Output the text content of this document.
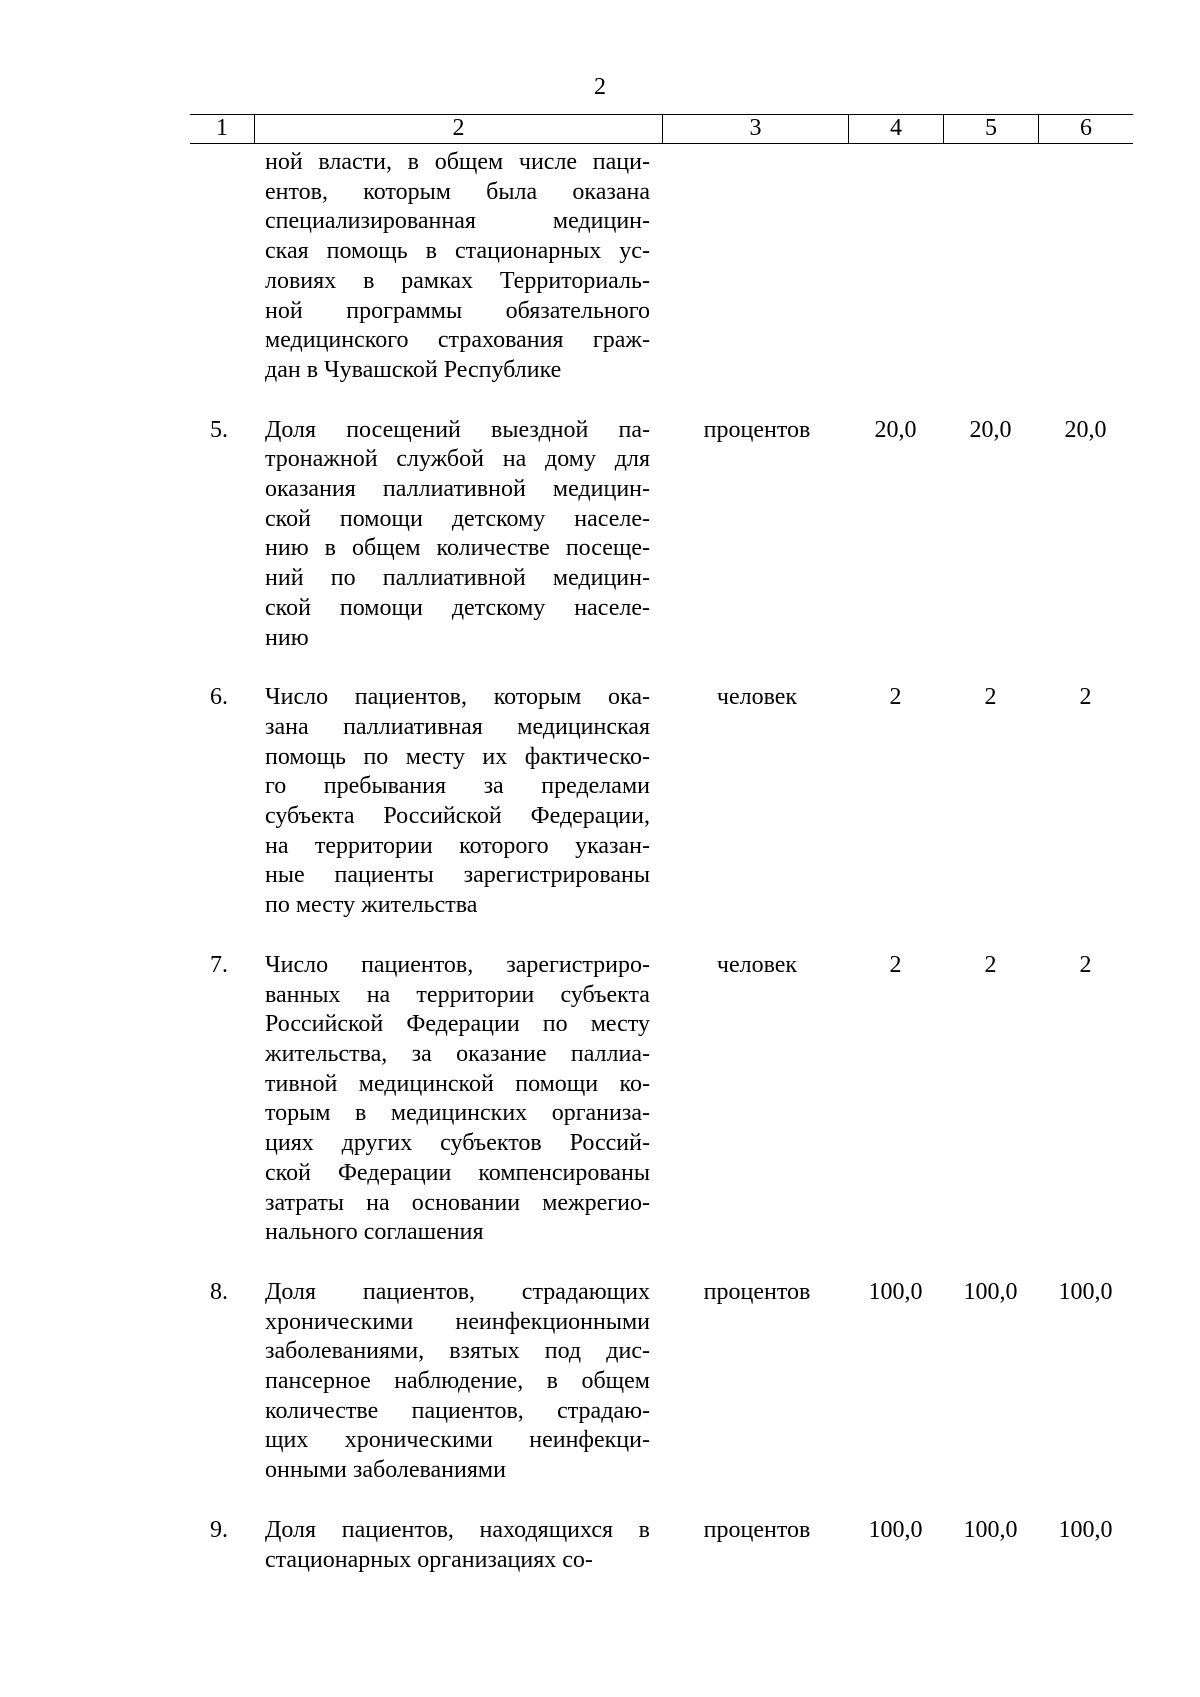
2
1	2	3	4	5	6
ной власти, в общем числе паци-
ентов, которым была оказана
специализированная	медицин-
ская помощь в стационарных ус-
ловиях в рамках Территориаль-
ной программы обязательного
медицинского страхования граж-
дан в Чувашской Республике
5.	Доля посещений выездной па-
тронажной службой на дому для
оказания паллиативной медицин-
ской помощи детскому населе-
нию в общем количестве посеще-
ний по паллиативной медицин-
ской помощи детскому населе-
нию
процентов	20,0	20,0	20,0
6.	Число пациентов, которым ока-
зана паллиативная медицинская
помощь по месту их фактическо-
го пребывания за пределами
субъекта Российской Федерации,
на территории которого указан-
ные пациенты зарегистрированы
по месту жительства
человек	2	2	2
7.	Число пациентов, зарегистриро-
ванных на территории субъекта
Российской Федерации по месту
жительства, за оказание паллиа-
тивной медицинской помощи ко-
торым в медицинских организа-
циях других субъектов Россий-
ской Федерации компенсированы
затраты на основании межрегио-
нального соглашения
человек	2	2	2
8.	Доля пациентов, страдающих
хроническими неинфекционными
заболеваниями, взятых под дис-
пансерное наблюдение, в общем
количестве пациентов, страдаю-
щих хроническими неинфекци-
онными заболеваниями
процентов	100,0	100,0	100,0
9.	Доля пациентов, находящихся в
стационарных организациях со-
процентов	100,0	100,0	100,0
